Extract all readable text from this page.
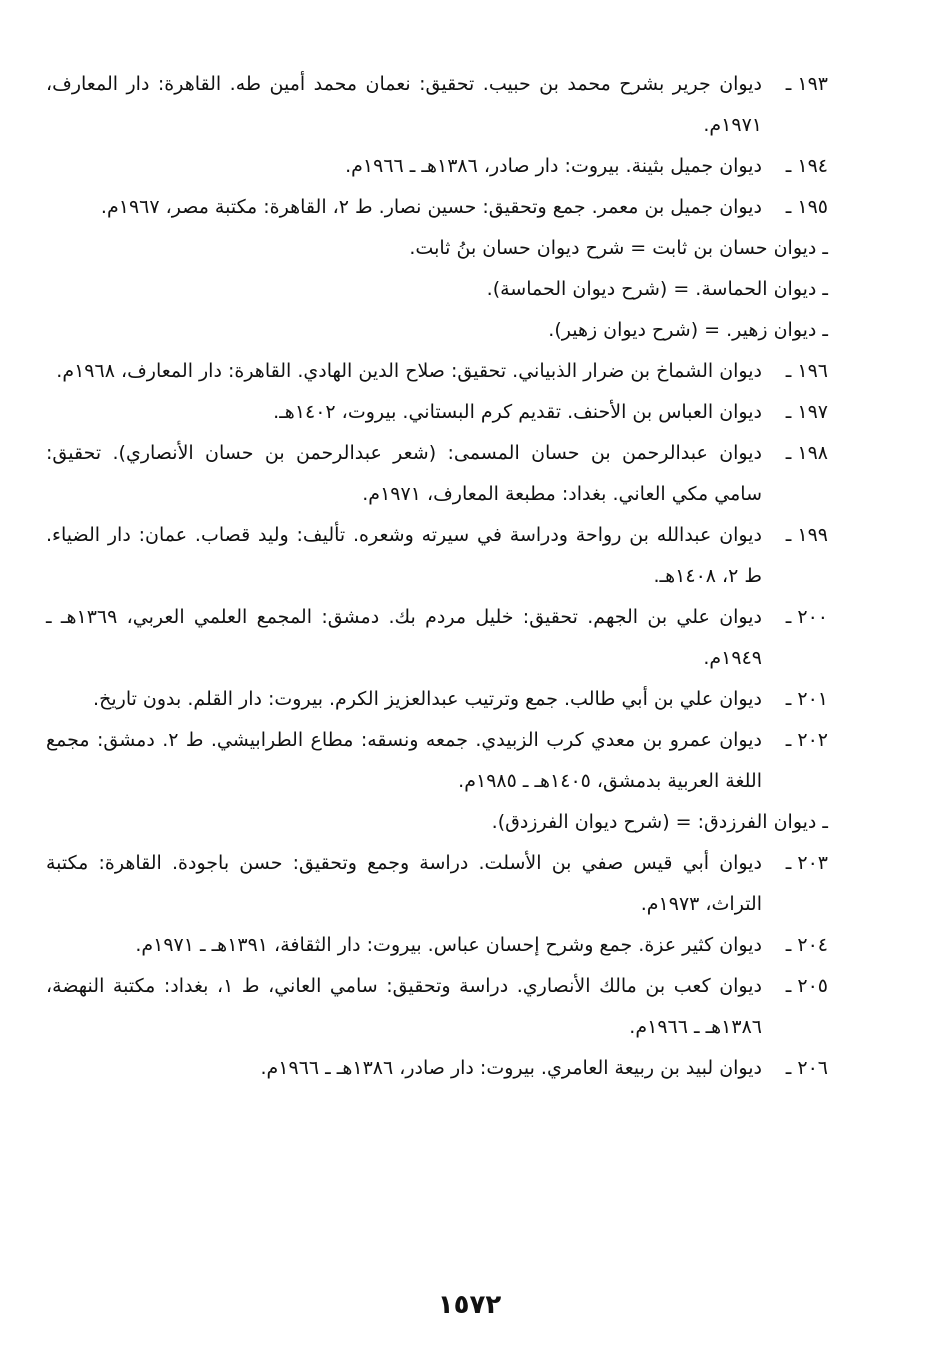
١٩٣ ـ
ديوان جرير بشرح محمد بن حبيب. تحقيق: نعمان محمد أمين طه. القاهرة: دار المعارف، ١٩٧١م.
١٩٤ ـ
ديوان جميل بثينة. بيروت: دار صادر، ١٣٨٦هـ ـ ١٩٦٦م.
١٩٥ ـ
ديوان جميل بن معمر. جمع وتحقيق: حسين نصار. ط ٢، القاهرة: مكتبة مصر، ١٩٦٧م.
ـ ديوان حسان بن ثابت = شرح ديوان حسان بنُ ثابت.
ـ ديوان الحماسة. = (شرح ديوان الحماسة).
ـ ديوان زهير. = (شرح ديوان زهير).
١٩٦ ـ
ديوان الشماخ بن ضرار الذبياني. تحقيق: صلاح الدين الهادي. القاهرة: دار المعارف، ١٩٦٨م.
١٩٧ ـ
ديوان العباس بن الأحنف. تقديم كرم البستاني. بيروت، ١٤٠٢هـ.
١٩٨ ـ
ديوان عبدالرحمن بن حسان المسمى: (شعر عبدالرحمن بن حسان الأنصاري). تحقيق: سامي مكي العاني. بغداد: مطبعة المعارف، ١٩٧١م.
١٩٩ ـ
ديوان عبدالله بن رواحة ودراسة في سيرته وشعره. تأليف: وليد قصاب. عمان: دار الضياء. ط ٢، ١٤٠٨هـ.
٢٠٠ ـ
ديوان علي بن الجهم. تحقيق: خليل مردم بك. دمشق: المجمع العلمي العربي، ١٣٦٩هـ ـ ١٩٤٩م.
٢٠١ ـ
ديوان علي بن أبي طالب. جمع وترتيب عبدالعزيز الكرم. بيروت: دار القلم. بدون تاريخ.
٢٠٢ ـ
ديوان عمرو بن معدي كرب الزبيدي. جمعه ونسقه: مطاع الطرابيشي. ط ٢. دمشق: مجمع اللغة العربية بدمشق، ١٤٠٥هـ ـ ١٩٨٥م.
ـ ديوان الفرزدق: = (شرح ديوان الفرزدق).
٢٠٣ ـ
ديوان أبي قيس صفي بن الأسلت. دراسة وجمع وتحقيق: حسن باجودة. القاهرة: مكتبة التراث، ١٩٧٣م.
٢٠٤ ـ
ديوان كثير عزة. جمع وشرح إحسان عباس. بيروت: دار الثقافة، ١٣٩١هـ ـ ١٩٧١م.
٢٠٥ ـ
ديوان كعب بن مالك الأنصاري. دراسة وتحقيق: سامي العاني، ط ١، بغداد: مكتبة النهضة، ١٣٨٦هـ ـ ١٩٦٦م.
٢٠٦ ـ
ديوان لبيد بن ربيعة العامري. بيروت: دار صادر، ١٣٨٦هـ ـ ١٩٦٦م.
١٥٧٢
